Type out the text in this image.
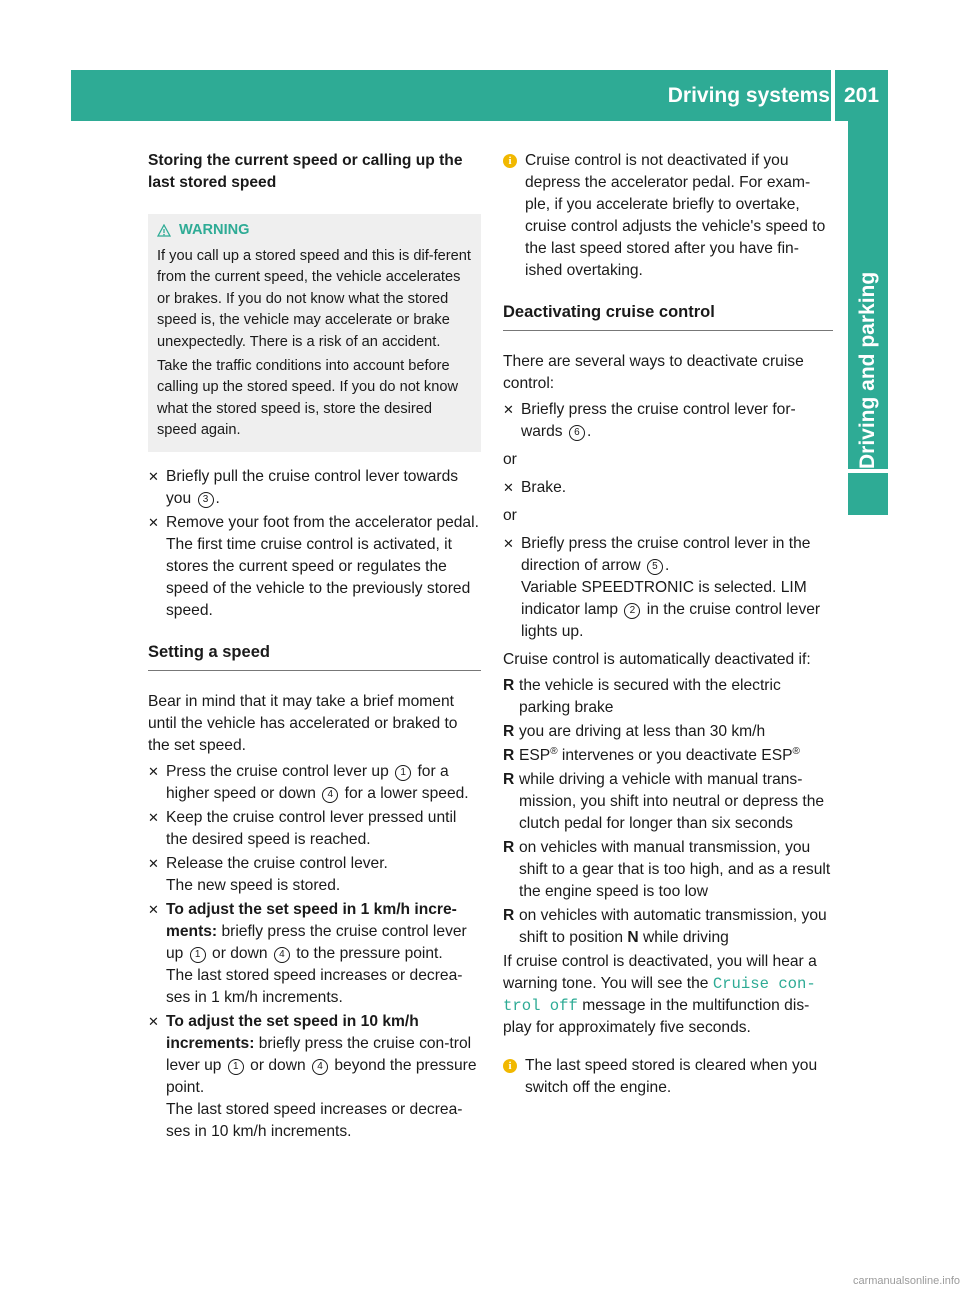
Driving systems 201
Driving and parking

Storing the current speed or calling up the last stored speed

WARNING

If you call up a stored speed and this is dif-ferent from the current speed, the vehicle accelerates or brakes. If you do not know what the stored speed is, the vehicle may accelerate or brake unexpectedly. There is a risk of an accident.

Take the traffic conditions into account before calling up the stored speed. If you do not know what the stored speed is, store the desired speed again.

✕ Briefly pull the cruise control lever towards you 3 .
✕ Remove your foot from the accelerator pedal.

The first time cruise control is activated, it stores the current speed or regulates the speed of the vehicle to the previously stored speed.

Setting a speed

Bear in mind that it may take a brief moment until the vehicle has accelerated or braked to the set speed.

✕ Press the cruise control lever up 1 for a higher speed or down 4 for a lower speed.
✕ Keep the cruise control lever pressed until the desired speed is reached.
✕ Release the cruise control lever.

The new speed is stored.

✕ To adjust the set speed in 1 km/h incre-ments: briefly press the cruise control lever up 1 or down 4 to the pressure point.

The last stored speed increases or decrea-ses in 1 km/h increments.

✕ To adjust the set speed in 10 km/h increments: briefly press the cruise con-trol lever up 1 or down 4 beyond the pressure point.

The last stored speed increases or decrea-ses in 10 km/h increments.

i Cruise control is not deactivated if you depress the accelerator pedal. For exam-ple, if you accelerate briefly to overtake, cruise control adjusts the vehicle's speed to the last speed stored after you have fin-ished overtaking.

Deactivating cruise control

There are several ways to deactivate cruise control:

✕ Briefly press the cruise control lever for-wards 6 .

or

✕ Brake.

or

✕ Briefly press the cruise control lever in the direction of arrow 5 .

Variable SPEEDTRONIC is selected. LIM indicator lamp 2 in the cruise control lever lights up.

Cruise control is automatically deactivated if:

R the vehicle is secured with the electric parking brake
R you are driving at less than 30 km/h
R ESP® intervenes or you deactivate ESP®
R while driving a vehicle with manual trans-mission, you shift into neutral or depress the clutch pedal for longer than six seconds
R on vehicles with manual transmission, you shift to a gear that is too high, and as a result the engine speed is too low
R on vehicles with automatic transmission, you shift to position N while driving

If cruise control is deactivated, you will hear a warning tone. You will see the Cruise con‐ trol off message in the multifunction dis-play for approximately five seconds.

i The last speed stored is cleared when you switch off the engine.
carmanualsonline.info
